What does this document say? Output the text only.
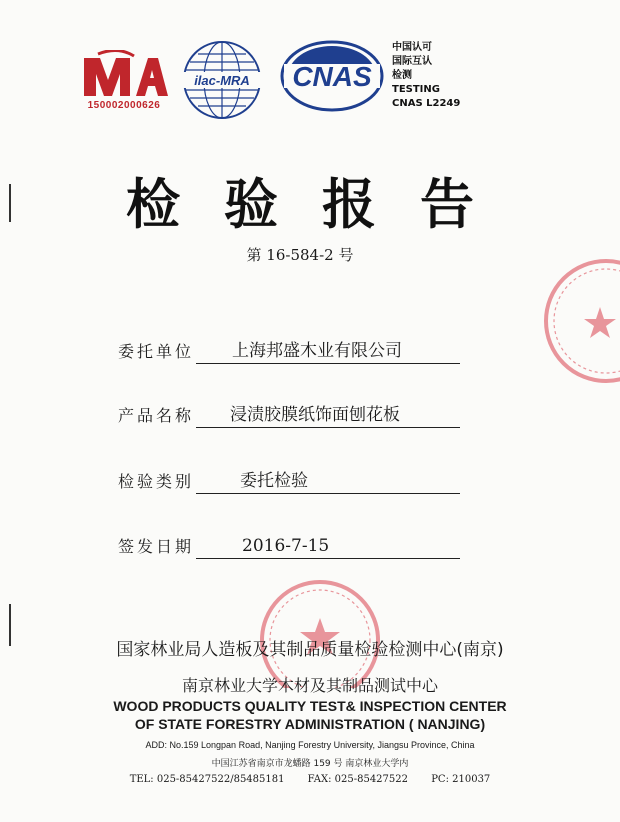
150002000626
ilac-MRA CNAS
中国认可
国际互认
检测
TESTING
CNAS L2249
检验报告
第 16-584-2 号
委托单位 上海邦盛木业有限公司
产品名称 浸渍胶膜纸饰面刨花板
检验类别	委托检验
签发日期	2016-7-15
国家林业局人造板及其制品质量检验检测中心(南京)
南京林业大学木材及其制品测试中心
WOOD PRODUCTS QUALITY TEST& INSPECTION CENTER
OF STATE FORESTRY ADMINISTRATION ( NANJING)
ADD: No.159 Longpan Road, Nanjing Forestry University, Jiangsu Province, China
中国江苏省南京市龙蟠路 159 号 南京林业大学内
TEL: 025-85427522/85485181 FAX: 025-85427522 PC: 210037
